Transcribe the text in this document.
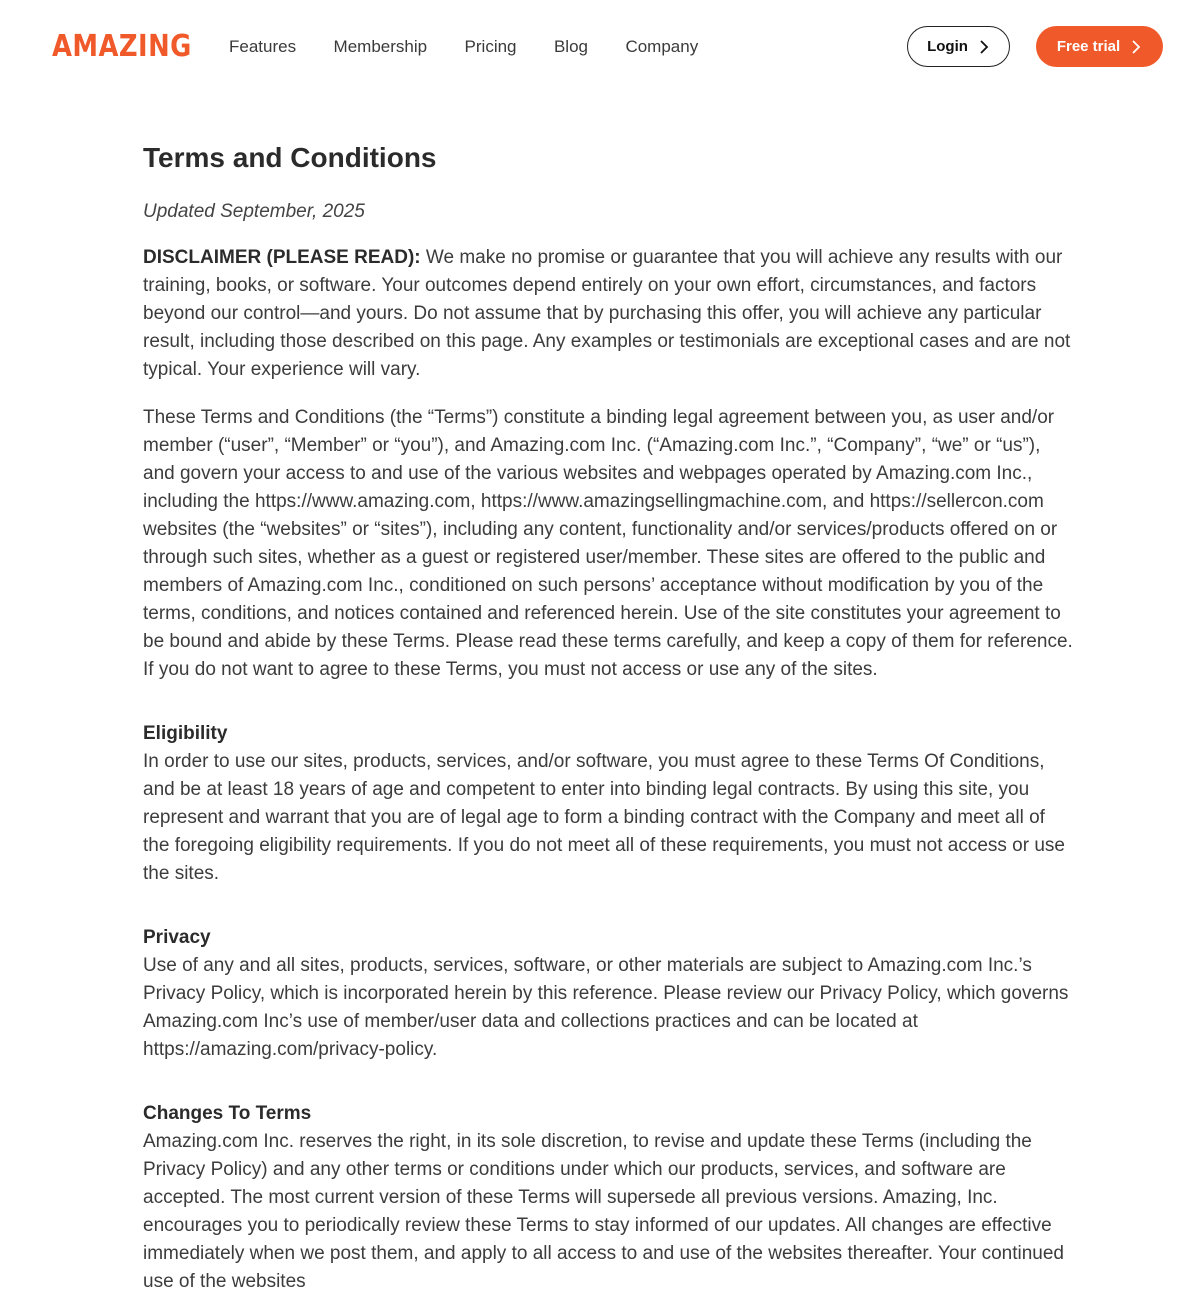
AMAZING Features Membership Pricing Blog Company	Login	Free trial
Terms and Conditions
Updated September, 2025

DISCLAIMER (PLEASE READ): We make no promise or guarantee that you will achieve any results with our training, books, or software. Your outcomes depend entirely on your own effort, circumstances, and factors beyond our control—and yours. Do not assume that by purchasing this offer, you will achieve any particular result, including those described on this page. Any examples or testimonials are exceptional cases and are not typical. Your experience will vary.

These Terms and Conditions (the “Terms”) constitute a binding legal agreement between you, as user and/or member (“user”, “Member” or “you”), and Amazing.com Inc. (“Amazing.com Inc.”, “Company”, “we” or “us”), and govern your access to and use of the various websites and webpages operated by Amazing.com Inc., including the https://www.amazing.com, https://www.amazingsellingmachine.com, and https://sellercon.com websites (the “websites” or “sites”), including any content, functionality and/or services/products offered on or through such sites, whether as a guest or registered user/member. These sites are offered to the public and members of Amazing.com Inc., conditioned on such persons’ acceptance without modification by you of the terms, conditions, and notices contained and referenced herein. Use of the site constitutes your agreement to be bound and abide by these Terms. Please read these terms carefully, and keep a copy of them for reference. If you do not want to agree to these Terms, you must not access or use any of the sites.

Eligibility

In order to use our sites, products, services, and/or software, you must agree to these Terms Of Conditions, and be at least 18 years of age and competent to enter into binding legal contracts. By using this site, you represent and warrant that you are of legal age to form a binding contract with the Company and meet all of the foregoing eligibility requirements. If you do not meet all of these requirements, you must not access or use the sites.

Privacy

Use of any and all sites, products, services, software, or other materials are subject to Amazing.com Inc.’s Privacy Policy, which is incorporated herein by this reference. Please review our Privacy Policy, which governs Amazing.com Inc’s use of member/user data and collections practices and can be located at https://amazing.com/privacy-policy.

Changes To Terms

Amazing.com Inc. reserves the right, in its sole discretion, to revise and update these Terms (including the Privacy Policy) and any other terms or conditions under which our products, services, and software are accepted. The most current version of these Terms will supersede all previous versions. Amazing, Inc. encourages you to periodically review these Terms to stay informed of our updates. All changes are effective immediately when we post them, and apply to all access to and use of the websites thereafter. Your continued use of the websites
